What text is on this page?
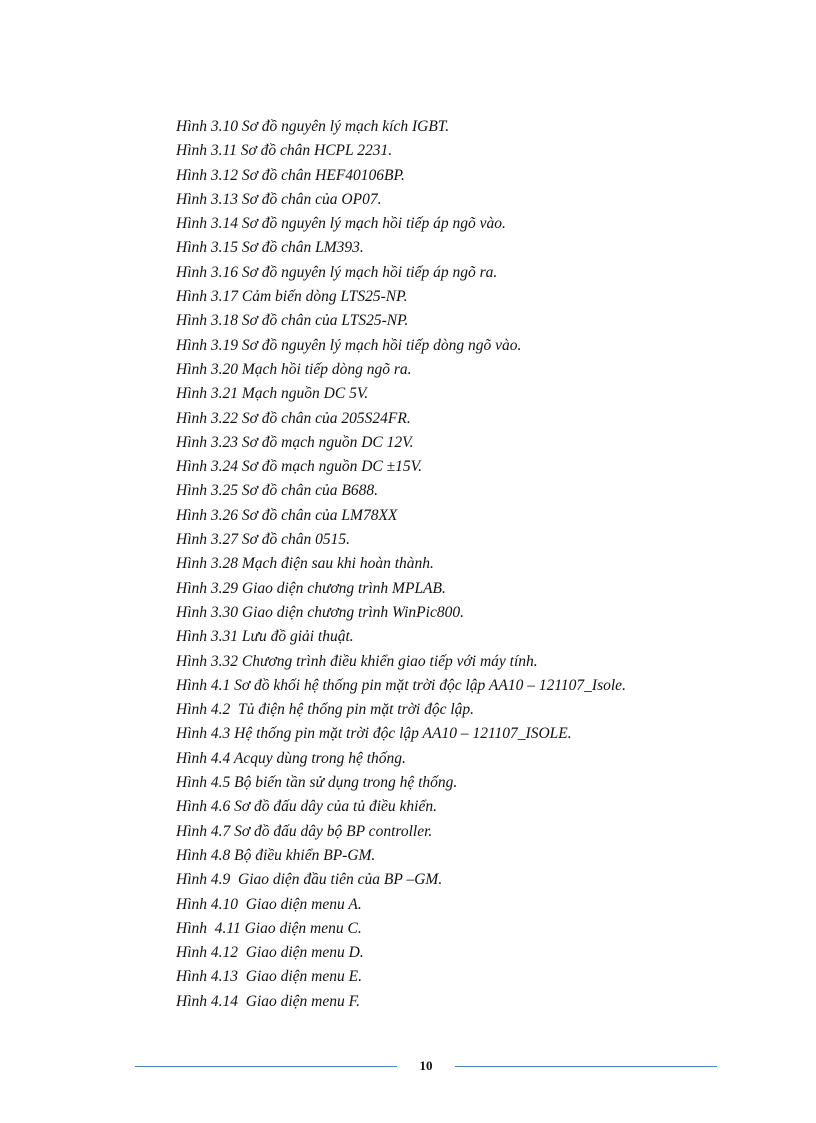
Hình 3.10 Sơ đồ nguyên lý mạch kích IGBT.
Hình 3.11 Sơ đồ chân HCPL 2231.
Hình 3.12 Sơ đồ chân HEF40106BP.
Hình 3.13 Sơ đồ chân của OP07.
Hình 3.14 Sơ đồ nguyên lý mạch hồi tiếp áp ngõ vào.
Hình 3.15 Sơ đồ chân LM393.
Hình 3.16 Sơ đồ nguyên lý mạch hồi tiếp áp ngõ ra.
Hình 3.17 Cảm biến dòng LTS25-NP.
Hình 3.18 Sơ đồ chân của LTS25-NP.
Hình 3.19 Sơ đồ nguyên lý mạch hồi tiếp dòng ngõ vào.
Hình 3.20 Mạch hồi tiếp dòng ngõ ra.
Hình 3.21 Mạch nguồn DC 5V.
Hình 3.22 Sơ đồ chân của 205S24FR.
Hình 3.23 Sơ đồ mạch nguồn DC 12V.
Hình 3.24 Sơ đồ mạch nguồn DC ±15V.
Hình 3.25 Sơ đồ chân của B688.
Hình 3.26 Sơ đồ chân của LM78XX
Hình 3.27 Sơ đồ chân 0515.
Hình 3.28 Mạch điện sau khi hoàn thành.
Hình 3.29 Giao diện chương trình MPLAB.
Hình 3.30 Giao diện chương trình WinPic800.
Hình 3.31 Lưu đồ giải thuật.
Hình 3.32 Chương trình điều khiển giao tiếp với máy tính.
Hình 4.1 Sơ đồ khối hệ thống pin mặt trời độc lập AA10 – 121107_Isole.
Hình 4.2  Tủ điện hệ thống pin mặt trời độc lập.
Hình 4.3 Hệ thống pin mặt trời độc lập AA10 – 121107_ISOLE.
Hình 4.4 Acquy dùng trong hệ thống.
Hình 4.5 Bộ biến tần sử dụng trong hệ thống.
Hình 4.6 Sơ đồ đấu dây của tủ điều khiển.
Hình 4.7 Sơ đồ đấu dây bộ BP controller.
Hình 4.8 Bộ điều khiển BP-GM.
Hình 4.9  Giao diện đầu tiên của BP –GM.
Hình 4.10  Giao diện menu A.
Hình  4.11 Giao diện menu C.
Hình 4.12  Giao diện menu D.
Hình 4.13  Giao diện menu E.
Hình 4.14  Giao diện menu F.
10
